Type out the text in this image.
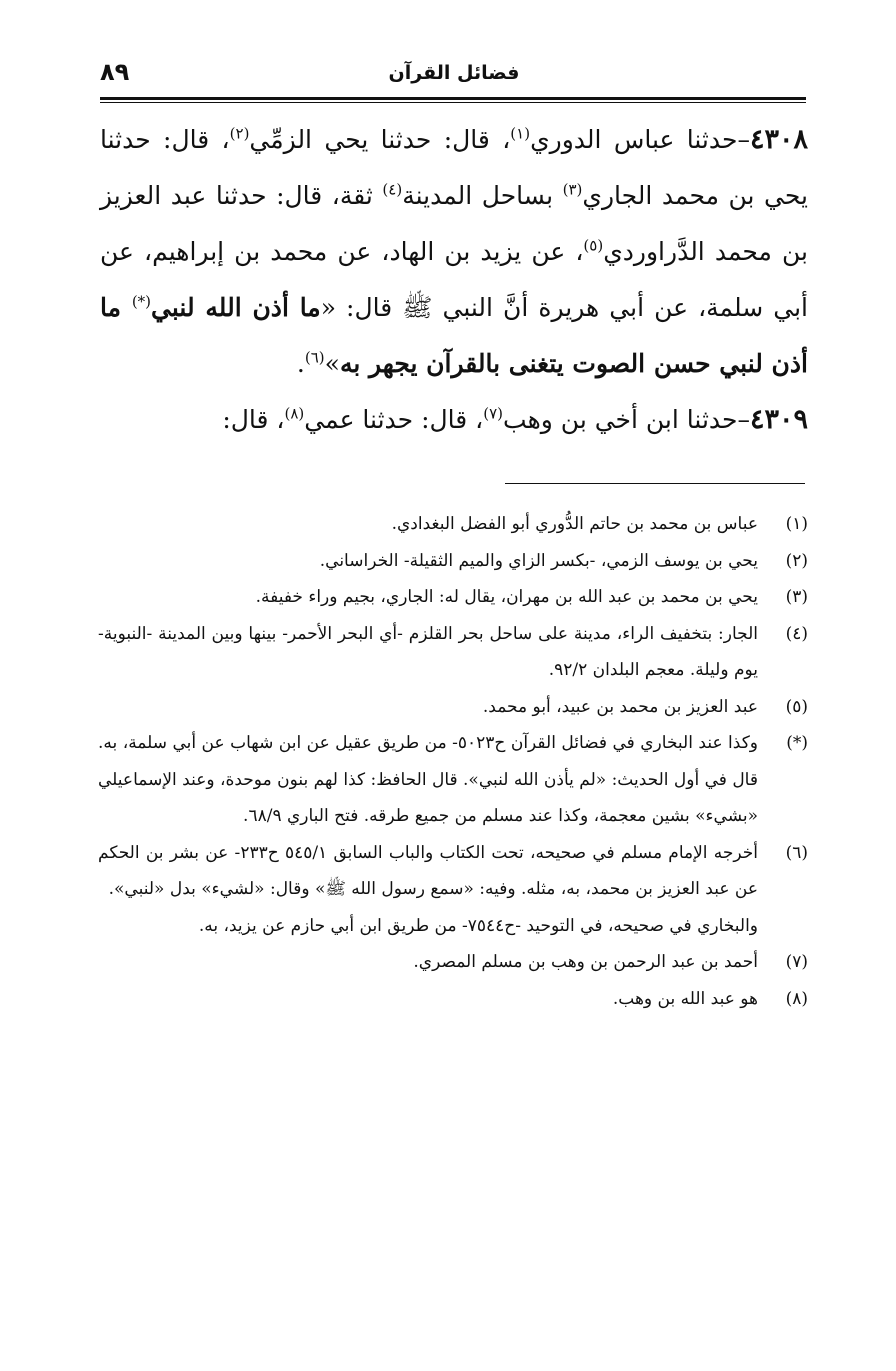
فضائل القرآن
٨٩

٤٣٠٨–حدثنا عباس الدوري$^{(١)}$، قال: حدثنا يحي الزمِّي$^{(٢)}$، قال: حدثنا يحي بن محمد الجاري$^{(٣)}$ بساحل المدينة$^{(٤)}$ ثقة، قال: حدثنا عبد العزيز بن محمد الدَّراوردي$^{(٥)}$، عن يزيد بن الهاد، عن محمد بن إبراهيم، عن أبي سلمة، عن أبي هريرة أنَّ النبي ﷺ قال: «ما أذن الله لنبي(*) ما أذن لنبي حسن الصوت يتغنى بالقرآن يجهر به»$^{(٦)}$.

٤٣٠٩–حدثنا ابن أخي بن وهب$^{(٧)}$، قال: حدثنا عمي$^{(٨)}$، قال:

(١)
عباس بن محمد بن حاتم الدُّوري أبو الفضل البغدادي.

(٢)
يحي بن يوسف الزمي، -بكسر الزاي والميم الثقيلة- الخراساني.

(٣)
يحي بن محمد بن عبد الله بن مهران، يقال له: الجاري، بجيم وراء خفيفة.

(٤)
الجار: بتخفيف الراء، مدينة على ساحل بحر القلزم -أي البحر الأحمر- بينها وبين المدينة -النبوية- يوم وليلة. معجم البلدان ٩٢/٢.

(٥)
عبد العزيز بن محمد بن عبيد، أبو محمد.

(*)
وكذا عند البخاري في فضائل القرآن ح٥٠٢٣- من طريق عقيل عن ابن شهاب عن أبي سلمة، به. قال في أول الحديث: «لم يأذن الله لنبي». قال الحافظ: كذا لهم بنون موحدة، وعند الإسماعيلي «بشيء» بشين معجمة، وكذا عند مسلم من جميع طرقه. فتح الباري ٦٨/٩.

(٦)
أخرجه الإمام مسلم في صحيحه، تحت الكتاب والباب السابق ٥٤٥/١ ح٢٣٣- عن بشر بن الحكم عن عبد العزيز بن محمد، به، مثله. وفيه: «سمع رسول الله ﷺ» وقال: «لشيء» بدل «لنبي».

والبخاري في صحيحه، في التوحيد -ح٧٥٤٤- من طريق ابن أبي حازم عن يزيد، به.

(٧)
أحمد بن عبد الرحمن بن وهب بن مسلم المصري.

(٨)
هو عبد الله بن وهب.
